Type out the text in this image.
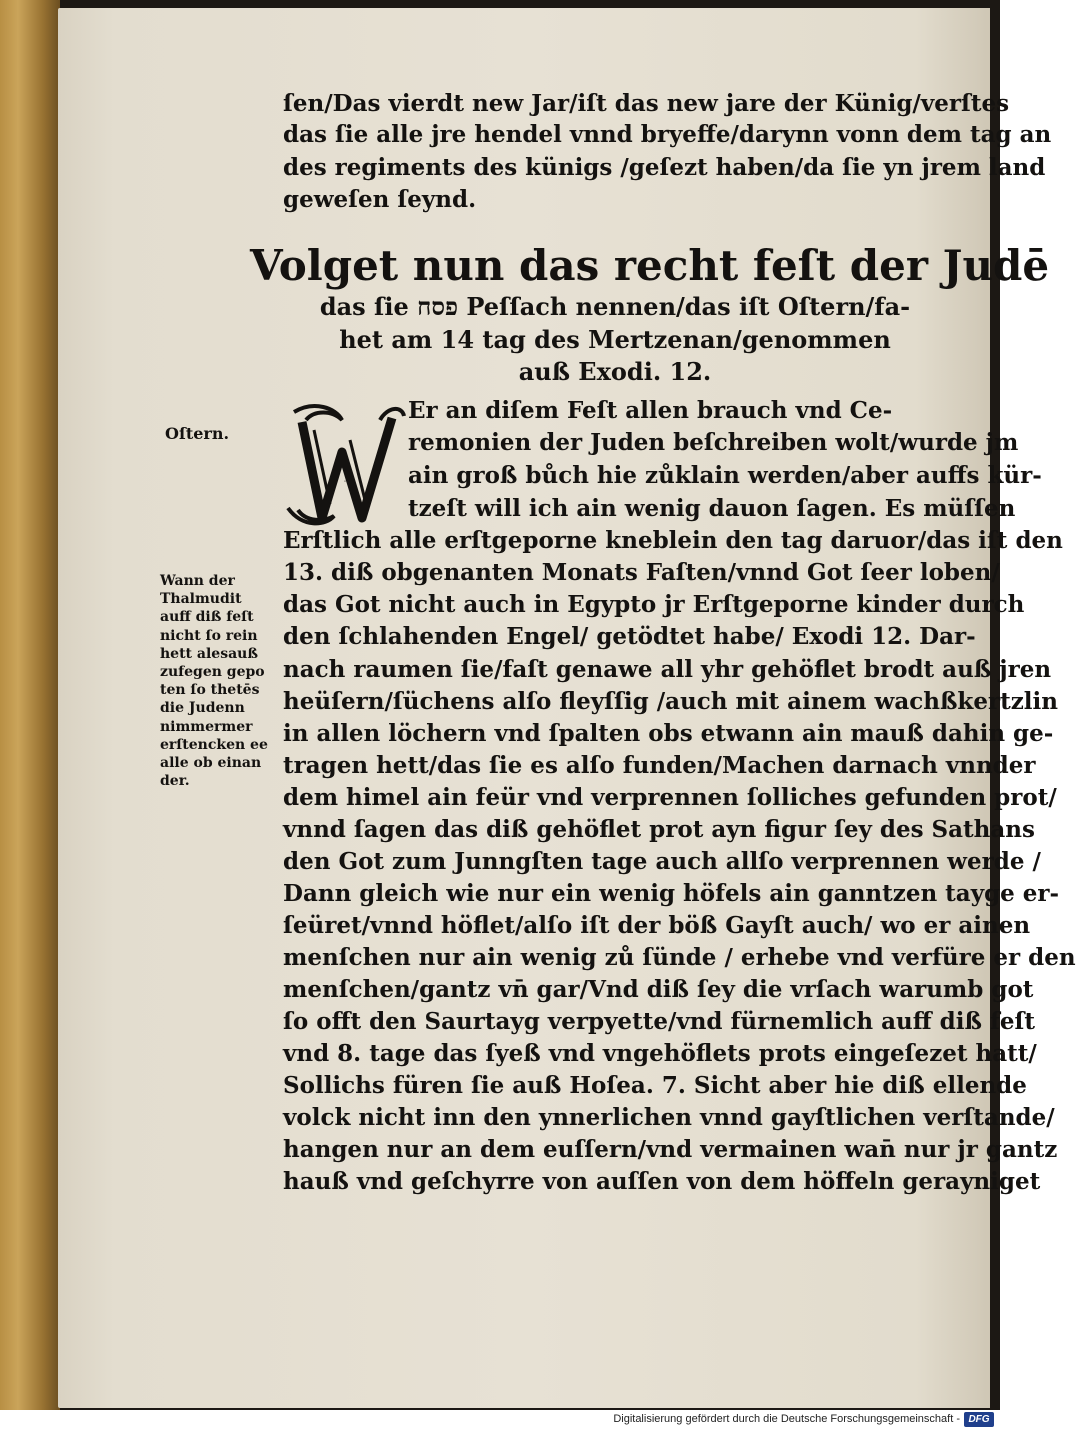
ſen/Das vierdt new Jar/iſt das new jare der Künig/verſtes
das ſie alle jre hendel vnnd bryeffe/darynn vonn dem tag an
des regiments des künigs /geſezt haben/da ſie yn jrem land
geweſen ſeynd.
Volget nun das recht feſt der Judē
das ſie פסח Peſſach nennen/das iſt Oſtern/fa-
het am 14 tag des Mertzenan/genommen
auß Exodi. 12.
W
Er an diſem Feſt allen brauch vnd Ce-
remonien der Juden beſchreiben wolt/wurde jm
ain groß bůch hie zůklain werden/aber auffs kür-
tzeſt will ich ain wenig dauon ſagen. Es müſſen
Erſtlich alle erſtgeporne kneblein den tag daruor/das iſt den
13. diß obgenanten Monats Faſten/vnnd Got ſeer loben/
das Got nicht auch in Egypto jr Erſtgeporne kinder durch
den ſchlahenden Engel/ getödtet habe/ Exodi 12. Dar-
nach raumen ſie/faſt genawe all yhr gehöflet brodt auß jren
heüſern/ſüchens alſo fleyſſig /auch mit ainem wachßkertzlin
in allen löchern vnd ſpalten obs etwann ain mauß dahin ge-
tragen hett/das ſie es alſo funden/Machen darnach vnnder
dem himel ain feür vnd verprennen ſolliches gefunden prot/
vnnd ſagen das diß gehöflet prot ayn figur ſey des Sathans
den Got zum Junngſten tage auch allſo verprennen werde /
Dann gleich wie nur ein wenig höfels ain ganntzen tayge er-
ſeüret/vnnd höflet/alſo iſt der böß Gayſt auch/ wo er ainen
menſchen nur ain wenig zů ſünde / erhebe vnd verfüre er den
menſchen/gantz vn̄ gar/Vnd diß ſey die vrſach warumb got
ſo offt den Saurtayg verpyette/vnd fürnemlich auff diß feſt
vnd 8. tage das ſyeß vnd vngehöflets prots eingeſezet hatt/
Sollichs füren ſie auß Hoſea. 7. Sicht aber hie diß ellende
volck nicht inn den ynnerlichen vnnd gayſtlichen verſtande/
hangen nur an dem euſſern/vnd vermainen wan̄ nur jr gantz
hauß vnd geſchyrre von auſſen von dem höffeln gerayniget
Oſtern.
Wann der
Thalmudit
auff diß feſt
nicht ſo rein
hett alesauß
zufegen gepo
ten ſo thetēs
die Judenn
nimmermer
erſtencken ee
alle ob einan
der.
Digitalisierung gefördert durch die Deutsche Forschungsgemeinschaft - DFG
